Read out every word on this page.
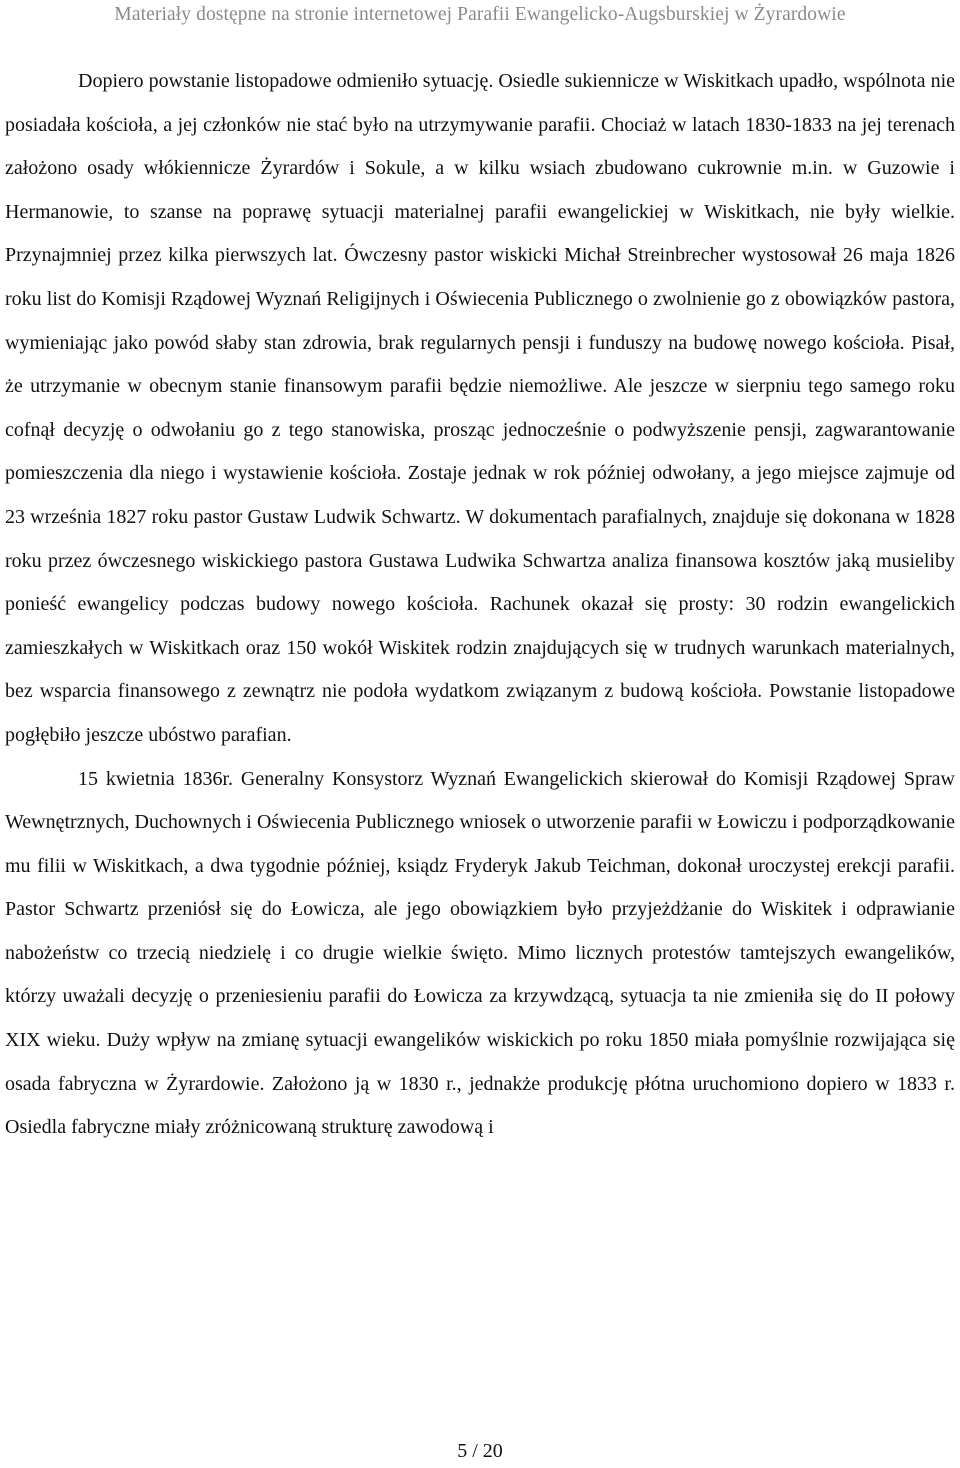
Materiały dostępne na stronie internetowej Parafii Ewangelicko-Augsburskiej w Żyrardowie

Dopiero powstanie listopadowe odmieniło sytuację. Osiedle sukiennicze w Wiskitkach upadło, wspólnota nie posiadała kościoła, a jej członków nie stać było na utrzymywanie parafii. Chociaż w latach 1830-1833 na jej terenach założono osady włókiennicze Żyrardów i Sokule, a w kilku wsiach zbudowano cukrownie m.in. w Guzowie i Hermanowie, to szanse na poprawę sytuacji materialnej parafii ewangelickiej w Wiskitkach, nie były wielkie. Przynajmniej przez kilka pierwszych lat. Ówczesny pastor wiskicki Michał Streinbrecher wystosował 26 maja 1826 roku list do Komisji Rządowej Wyznań Religijnych i Oświecenia Publicznego o zwolnienie go z obowiązków pastora, wymieniając jako powód słaby stan zdrowia, brak regularnych pensji i funduszy na budowę nowego kościoła. Pisał, że utrzymanie w obecnym stanie finansowym parafii będzie niemożliwe. Ale jeszcze w sierpniu tego samego roku cofnął decyzję o odwołaniu go z tego stanowiska, prosząc jednocześnie o podwyższenie pensji, zagwarantowanie pomieszczenia dla niego i wystawienie kościoła. Zostaje jednak w rok później odwołany, a jego miejsce zajmuje od 23 września 1827 roku pastor Gustaw Ludwik Schwartz. W dokumentach parafialnych, znajduje się dokonana w 1828 roku przez ówczesnego wiskickiego pastora Gustawa Ludwika Schwartza analiza finansowa kosztów jaką musieliby ponieść ewangelicy podczas budowy nowego kościoła. Rachunek okazał się prosty: 30 rodzin ewangelickich zamieszkałych w Wiskitkach oraz 150 wokół Wiskitek rodzin znajdujących się w trudnych warunkach materialnych, bez wsparcia finansowego z zewnątrz nie podoła wydatkom związanym z budową kościoła. Powstanie listopadowe pogłębiło jeszcze ubóstwo parafian.

15 kwietnia 1836r. Generalny Konsystorz Wyznań Ewangelickich skierował do Komisji Rządowej Spraw Wewnętrznych, Duchownych i Oświecenia Publicznego wniosek o utworzenie parafii w Łowiczu i podporządkowanie mu filii w Wiskitkach, a dwa tygodnie później, ksiądz Fryderyk Jakub Teichman, dokonał uroczystej erekcji parafii. Pastor Schwartz przeniósł się do Łowicza, ale jego obowiązkiem było przyjeżdżanie do Wiskitek i odprawianie nabożeństw co trzecią niedzielę i co drugie wielkie święto. Mimo licznych protestów tamtejszych ewangelików, którzy uważali decyzję o przeniesieniu parafii do Łowicza za krzywdzącą, sytuacja ta nie zmieniła się do II połowy XIX wieku. Duży wpływ na zmianę sytuacji ewangelików wiskickich po roku 1850 miała pomyślnie rozwijająca się osada fabryczna w Żyrardowie. Założono ją w 1830 r., jednakże produkcję płótna uruchomiono dopiero w 1833 r. Osiedla fabryczne miały zróżnicowaną strukturę zawodową i

5 / 20
